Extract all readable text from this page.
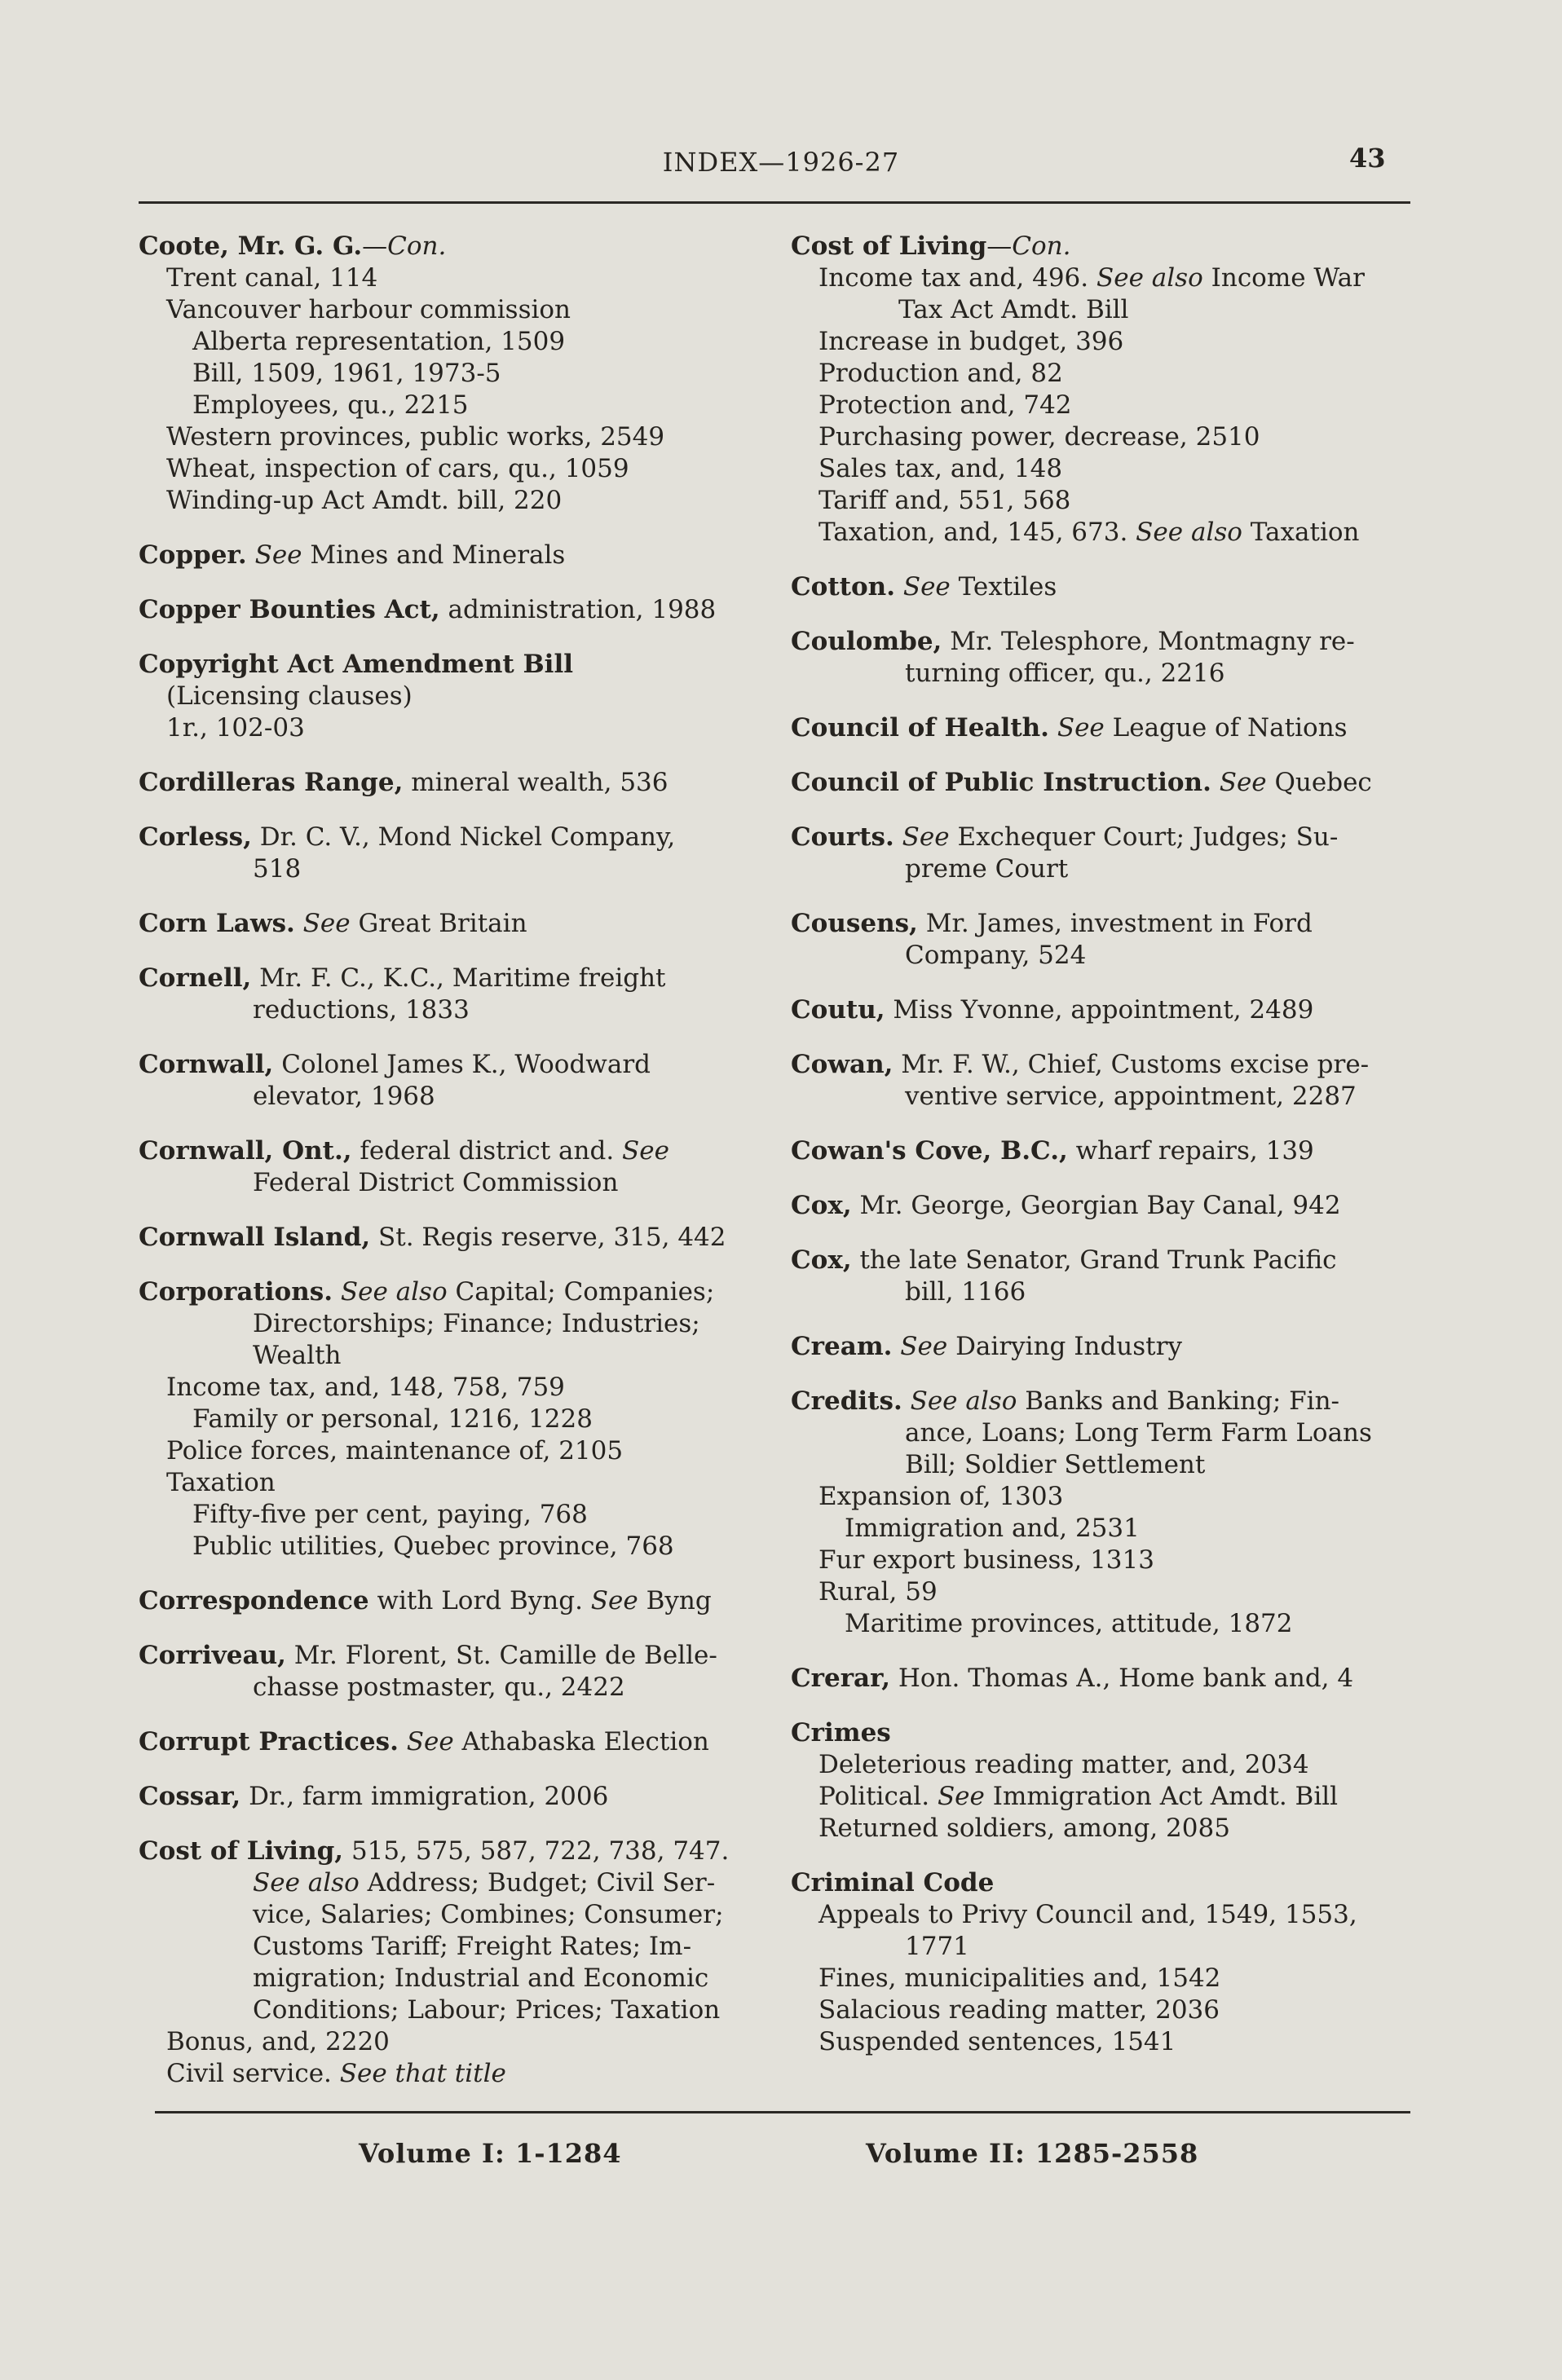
INDEX—1926-27	43
Coote, Mr. G. G.—Con.
Trent canal, 114
Vancouver harbour commission
Alberta representation, 1509
Bill, 1509, 1961, 1973-5
Employees, qu., 2215
Western provinces, public works, 2549
Wheat, inspection of cars, qu., 1059
Winding-up Act Amdt. bill, 220
Copper. See Mines and Minerals
Copper Bounties Act, administration, 1988
Copyright Act Amendment Bill
(Licensing clauses)
1r., 102-03
Cordilleras Range, mineral wealth, 536
Corless, Dr. C. V., Mond Nickel Company,
518
Corn Laws. See Great Britain
Cornell, Mr. F. C., K.C., Maritime freight
reductions, 1833
Cornwall, Colonel James K., Woodward
elevator, 1968
Cornwall, Ont., federal district and. See
Federal District Commission
Cornwall Island, St. Regis reserve, 315, 442
Corporations. See also Capital; Companies;
Directorships; Finance; Industries;
Wealth
Income tax, and, 148, 758, 759
Family or personal, 1216, 1228
Police forces, maintenance of, 2105
Taxation
Fifty-five per cent, paying, 768
Public utilities, Quebec province, 768
Correspondence with Lord Byng. See Byng
Corriveau, Mr. Florent, St. Camille de Belle-
chasse postmaster, qu., 2422
Corrupt Practices. See Athabaska Election
Cossar, Dr., farm immigration, 2006
Cost of Living, 515, 575, 587, 722, 738, 747.
See also Address; Budget; Civil Ser-
vice, Salaries; Combines; Consumer;
Customs Tariff; Freight Rates; Im-
migration; Industrial and Economic
Conditions; Labour; Prices; Taxation
Bonus, and, 2220
Civil service. See that title
Cost of Living—Con.
Income tax and, 496. See also Income War
Tax Act Amdt. Bill
Increase in budget, 396
Production and, 82
Protection and, 742
Purchasing power, decrease, 2510
Sales tax, and, 148
Tariff and, 551, 568
Taxation, and, 145, 673. See also Taxation
Cotton. See Textiles
Coulombe, Mr. Telesphore, Montmagny re-
turning officer, qu., 2216
Council of Health. See League of Nations
Council of Public Instruction. See Quebec
Courts. See Exchequer Court; Judges; Su-
preme Court
Cousens, Mr. James, investment in Ford
Company, 524
Coutu, Miss Yvonne, appointment, 2489
Cowan, Mr. F. W., Chief, Customs excise pre-
ventive service, appointment, 2287
Cowan's Cove, B.C., wharf repairs, 139
Cox, Mr. George, Georgian Bay Canal, 942
Cox, the late Senator, Grand Trunk Pacific
bill, 1166
Cream. See Dairying Industry
Credits. See also Banks and Banking; Fin-
ance, Loans; Long Term Farm Loans
Bill; Soldier Settlement
Expansion of, 1303
Immigration and, 2531
Fur export business, 1313
Rural, 59
Maritime provinces, attitude, 1872
Crerar, Hon. Thomas A., Home bank and, 4
Crimes
Deleterious reading matter, and, 2034
Political. See Immigration Act Amdt. Bill
Returned soldiers, among, 2085
Criminal Code
Appeals to Privy Council and, 1549, 1553,
1771
Fines, municipalities and, 1542
Salacious reading matter, 2036
Suspended sentences, 1541
Volume I: 1-1284	Volume II: 1285-2558
